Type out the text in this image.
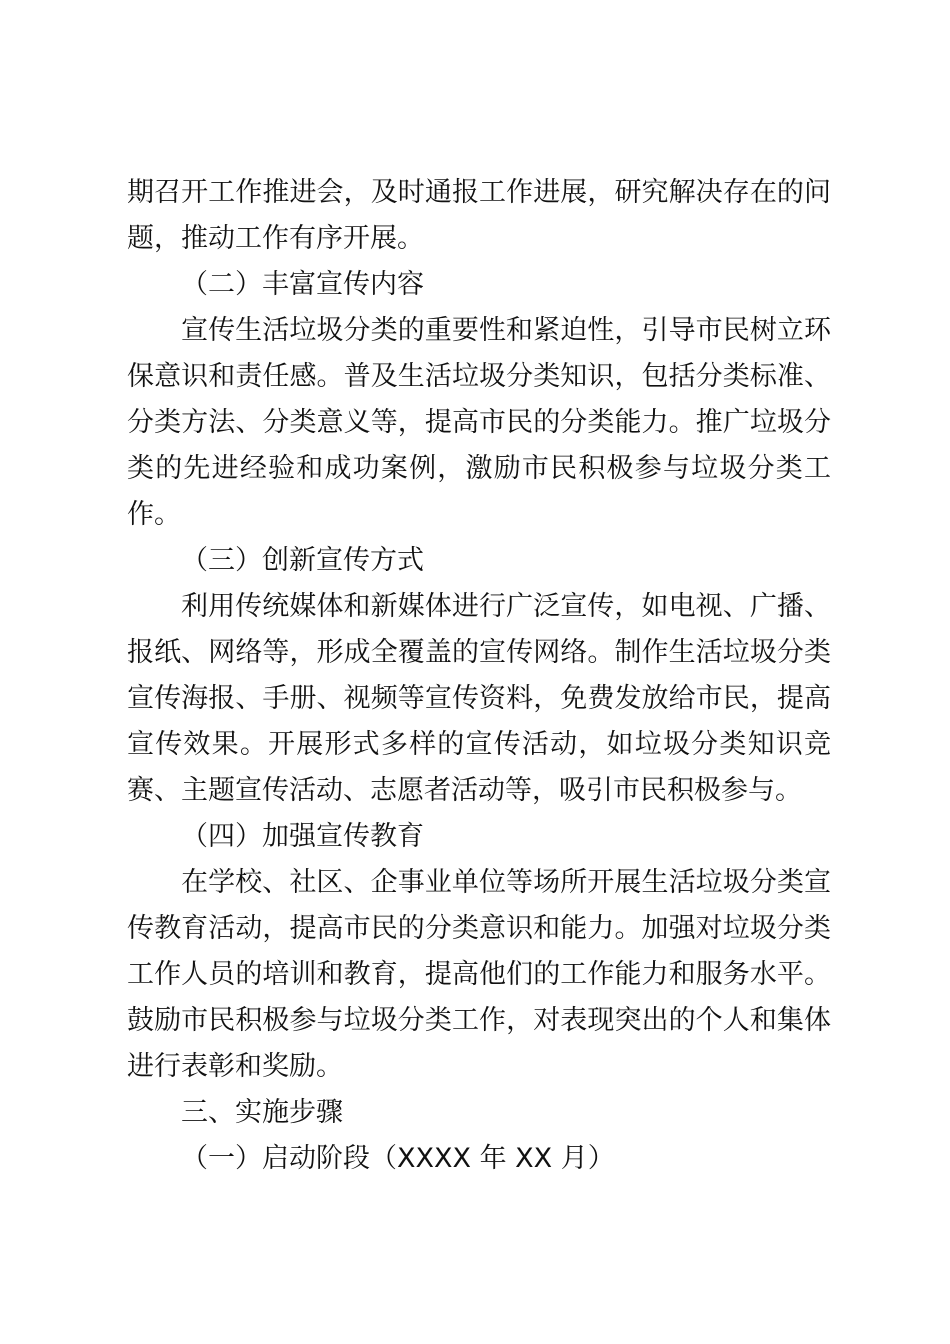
期召开工作推进会，及时通报工作进展，研究解决存在的问题，推动工作有序开展。

（二）丰富宣传内容

宣传生活垃圾分类的重要性和紧迫性，引导市民树立环保意识和责任感。普及生活垃圾分类知识，包括分类标准、分类方法、分类意义等，提高市民的分类能力。推广垃圾分类的先进经验和成功案例，激励市民积极参与垃圾分类工作。

（三）创新宣传方式

利用传统媒体和新媒体进行广泛宣传，如电视、广播、报纸、网络等，形成全覆盖的宣传网络。制作生活垃圾分类宣传海报、手册、视频等宣传资料，免费发放给市民，提高宣传效果。开展形式多样的宣传活动，如垃圾分类知识竞赛、主题宣传活动、志愿者活动等，吸引市民积极参与。

（四）加强宣传教育

在学校、社区、企事业单位等场所开展生活垃圾分类宣传教育活动，提高市民的分类意识和能力。加强对垃圾分类工作人员的培训和教育，提高他们的工作能力和服务水平。鼓励市民积极参与垃圾分类工作，对表现突出的个人和集体进行表彰和奖励。

三、实施步骤

（一）启动阶段（XXXX 年 XX 月）
